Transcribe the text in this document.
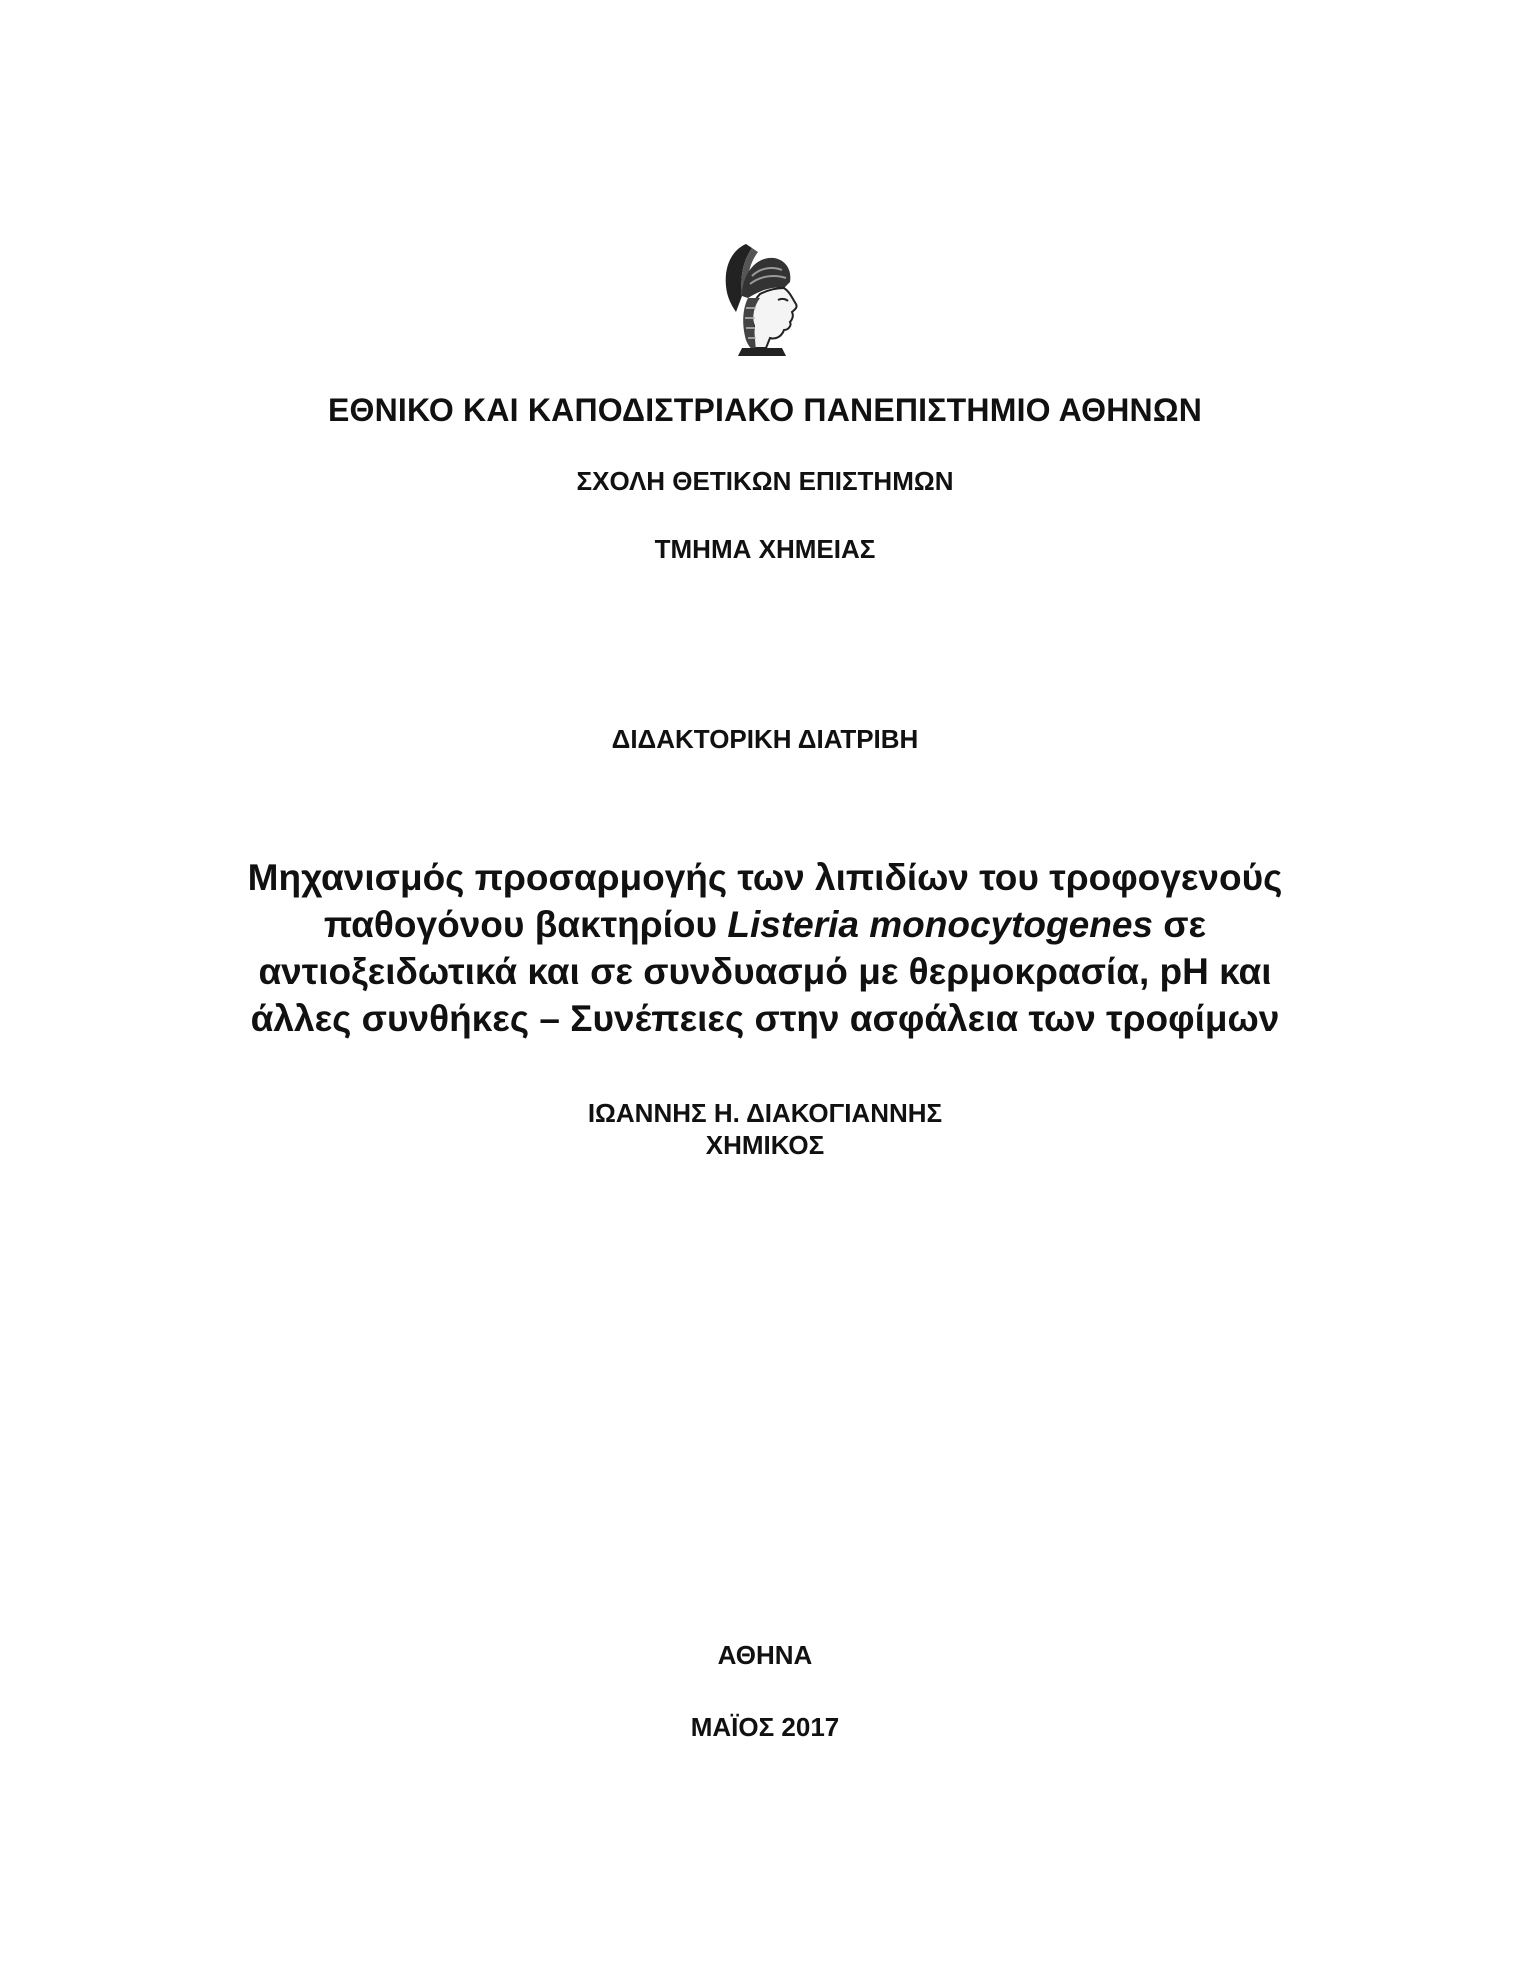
ΕΘΝΙΚΟ ΚΑΙ ΚΑΠΟΔΙΣΤΡΙΑΚΟ ΠΑΝΕΠΙΣΤΗΜΙΟ ΑΘΗΝΩΝ

ΣΧΟΛΗ ΘΕΤΙΚΩΝ ΕΠΙΣΤΗΜΩΝ

ΤΜΗΜΑ ΧΗΜΕΙΑΣ

ΔΙΔΑΚΤΟΡΙΚΗ ΔΙΑΤΡΙΒΗ

Μηχανισμός προσαρμογής των λιπιδίων του τροφογενούς
παθογόνου βακτηρίου Listeria monocytogenes σε
αντιοξειδωτικά και σε συνδυασμό με θερμοκρασία, pH και
άλλες συνθήκες – Συνέπειες στην ασφάλεια των τροφίμων

ΙΩΑΝΝΗΣ Η. ΔΙΑΚΟΓΙΑΝΝΗΣ

ΧΗΜΙΚΟΣ

ΑΘΗΝΑ

ΜΑΪΟΣ 2017
